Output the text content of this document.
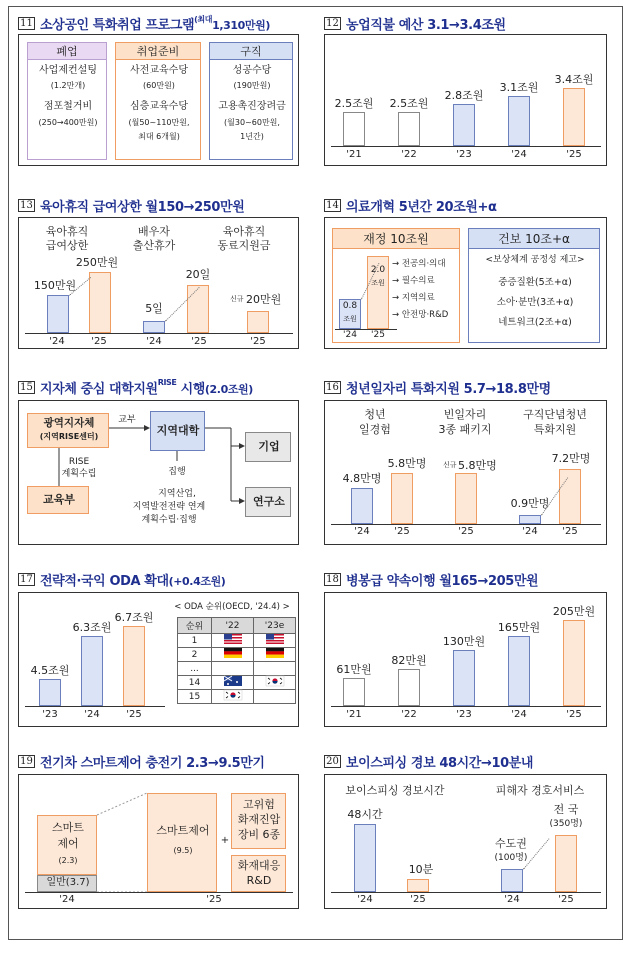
11 소상공인 특화취업 프로그램$^{(최대}$1,310만원)
폐업
사업제컨설팅
(1.2만개)
점포철거비
(250→400만원)
취업준비
사전교육수당
(60만원)
심층교육수당
(월50~110만원,
최대 6개월)
구직
성공수당
(190만원)
고용촉진장려금
(월30~60만원,
1년간)
12 농업직불 예산 3.1→3.4조원
2.5조원
'21
2.5조원
'22
2.8조원
'23
3.1조원
'24
3.4조원
'25
13 육아휴직 급여상한 월150→250만원
육아휴직
급여상한
배우자
출산휴가
육아휴직
동료지원금
150만원
250만원
5일
20일
신규 20만원
'24	'25	'24	'25	'25
14 의료개혁 5년간 20조원+α
재정 10조원
0.8
조원
2.0
조원
→ 전공의·의대
→ 필수의료
→ 지역의료
→ 안전망·R&D
'24 '25
건보 10조+α
<보상체계 공정성 제고>
중증질환(5조+α)
소아·분만(3조+α)
네트워크(2조+α)
15 지자체 중심 대학지원$^{RISE}$ 시행(2.0조원)
광역지자체
(지역RISE센터)
교부
RISE
계획수립
교육부
지역대학
집행
지역산업,
지역발전전략 연계
계획수립·집행
기업
연구소
16 청년일자리 특화지원 5.7→18.8만명
청년
일경험
빈일자리
3종 패키지
구직단념청년
특화지원
4.8만명
5.8만명 신규 5.8만명
0.9만명
7.2만명
'24 '25	'25	'24 '25
17 전략적·국익 ODA 확대(+0.4조원)
< ODA 순위(OECD, '24.4) >
순위	'22	'23e
1		
2		
...		
14		
15		
4.5조원
'23
6.3조원
'24
6.7조원
'25
18 병봉급 약속이행 월165→205만원
61만원
'21
82만원
'22
130만원
'23
165만원
'24
205만원
'25
19 전기차 스마트제어 충전기 2.3→9.5만기
스마트
제어
(2.3)
일반(3.7)
스마트제어
(9.5)
+
고위험
화재진압
장비 6종
화재대응
R&D
'24	'25
20 보이스피싱 경보 48시간→10분내
보이스피싱 경보시간	피해자 경호서비스
48시간
10분
수도권
(100명)
전 국
(350명)
'24	'25	'24	'25
